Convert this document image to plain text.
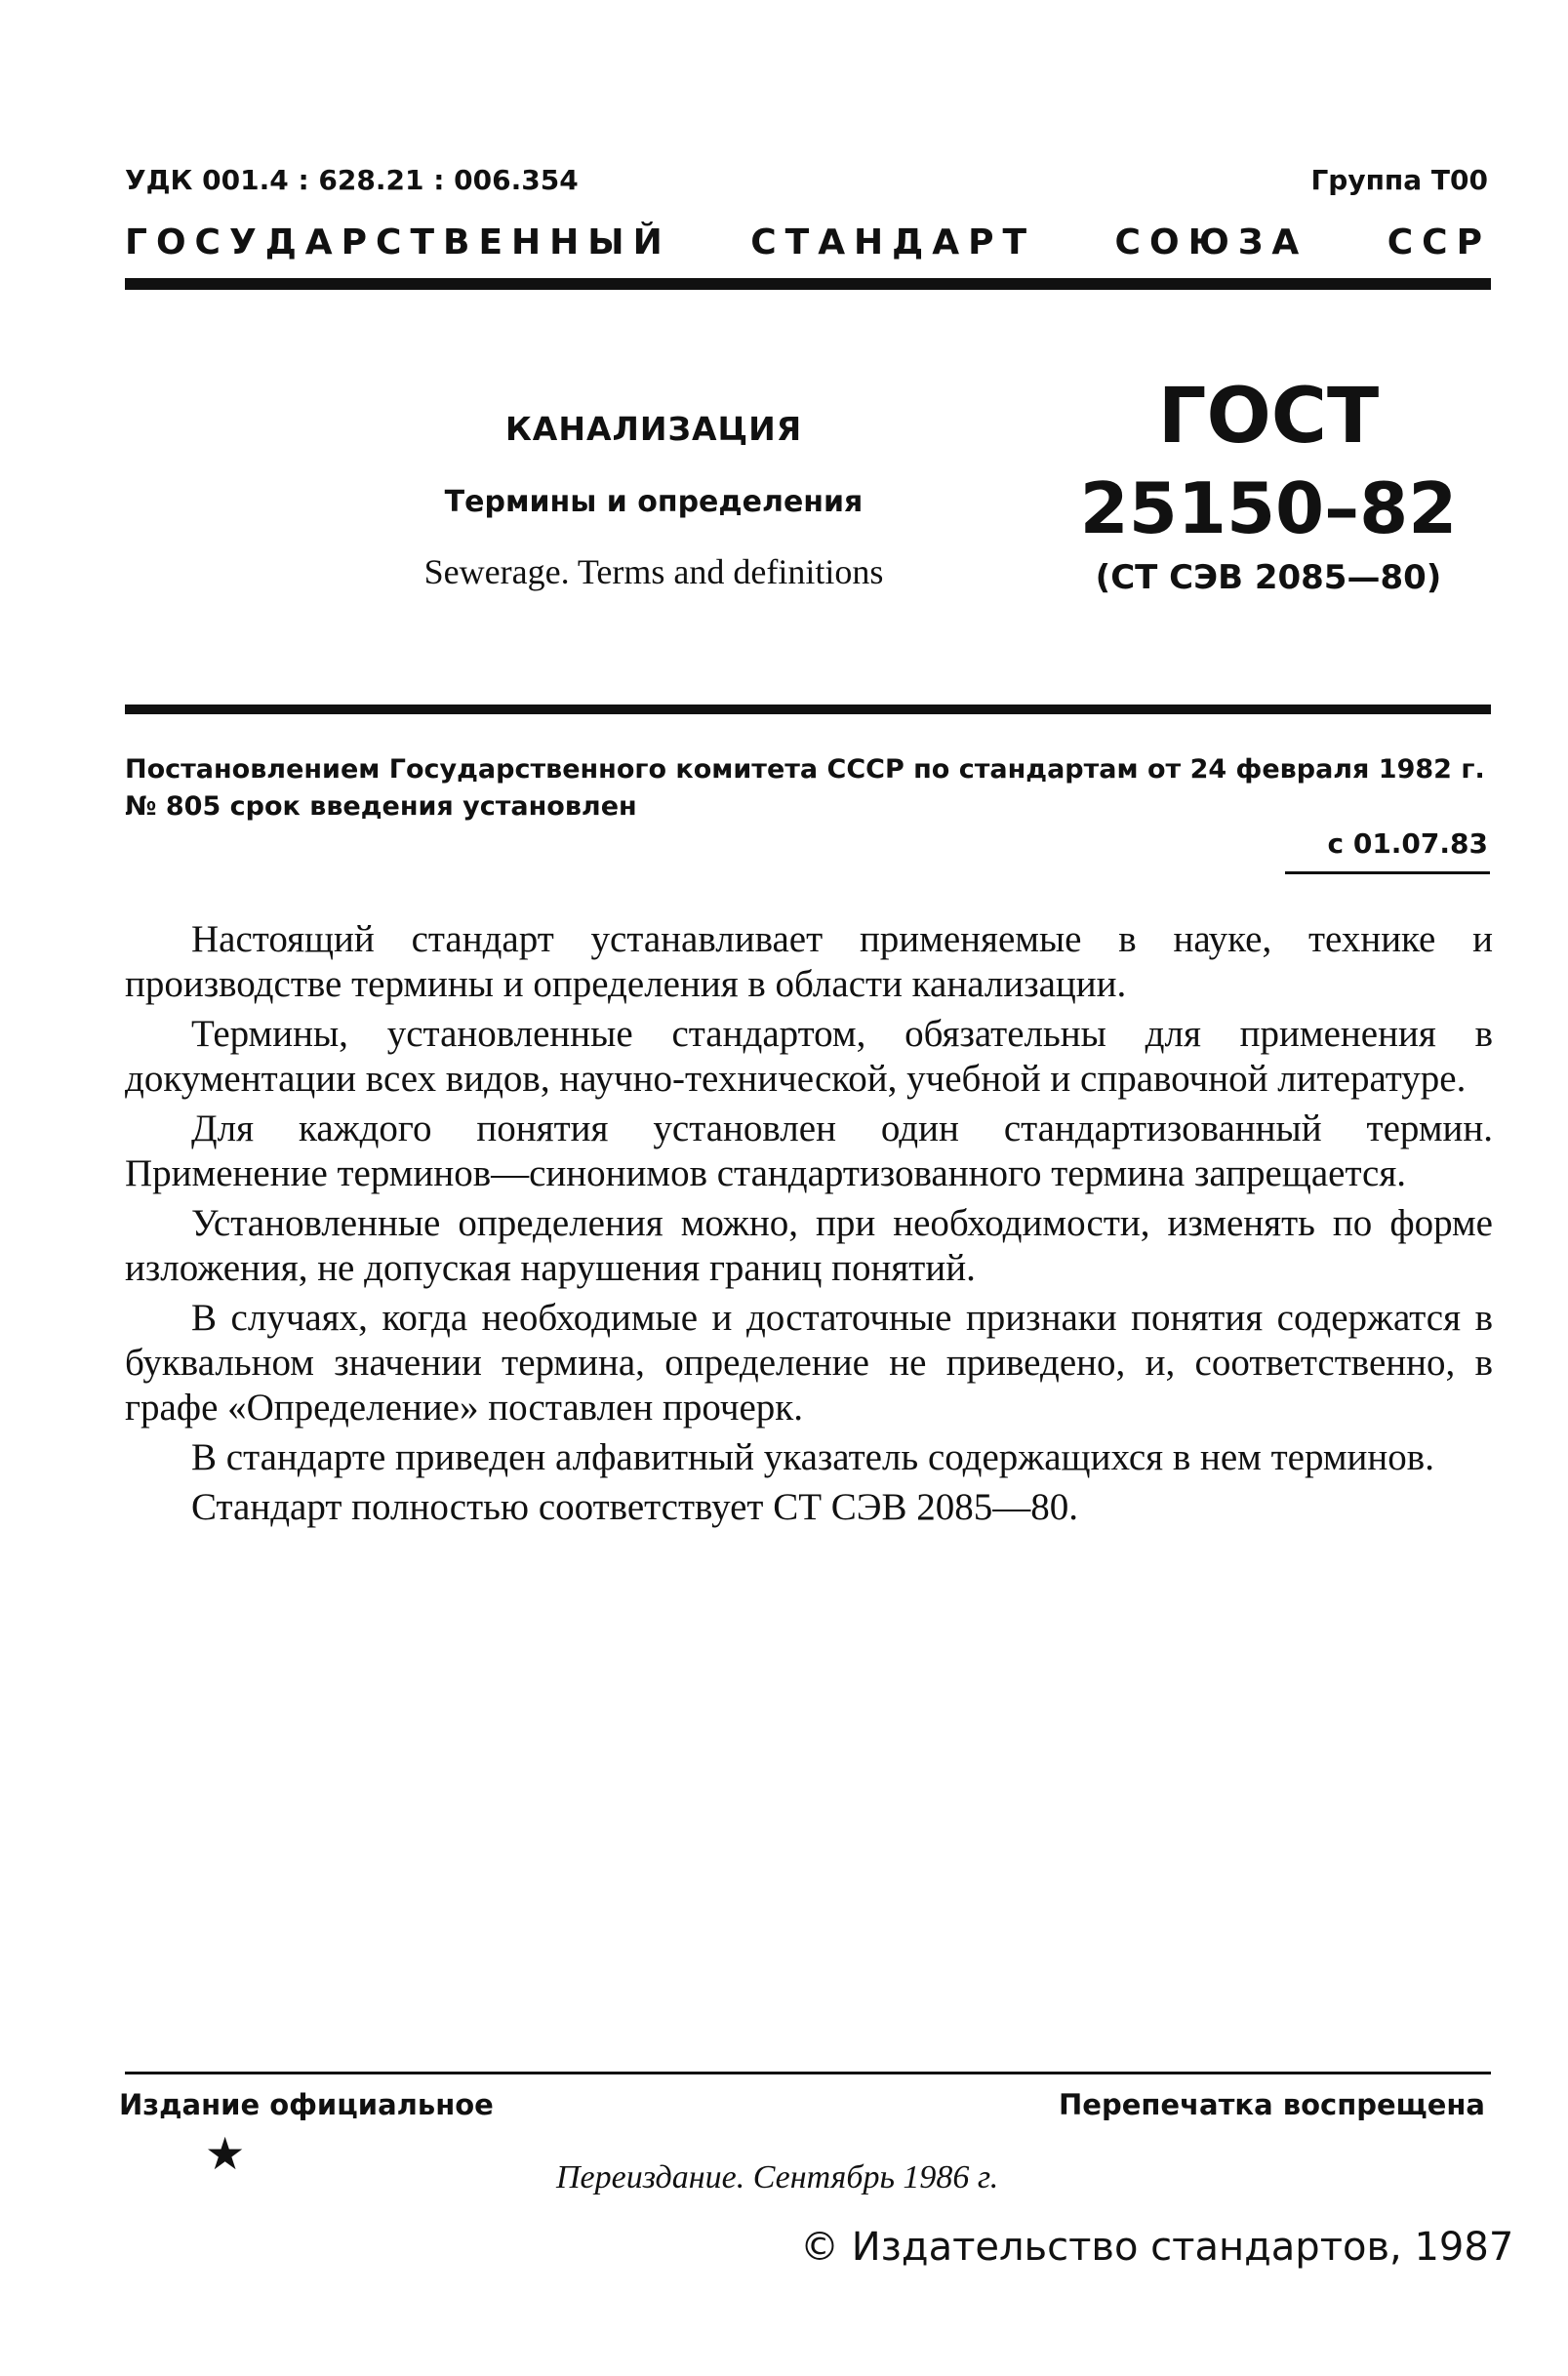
УДК 001.4 : 628.21 : 006.354	Группа Т00
ГОСУДАРСТВЕННЫЙ СТАНДАРТ СОЮЗА ССР
КАНАЛИЗАЦИЯ
Термины и определения
Sewerage. Terms and definitions
ГОСТ
25150–82
(СТ СЭВ 2085—80)
Постановлением Государственного комитета СССР по стандартам от 24 февраля 1982 г. № 805 срок введения установлен
с 01.07.83

Настоящий стандарт устанавливает применяемые в науке, технике и производстве термины и определения в области канализации.

Термины, установленные стандартом, обязательны для применения в документации всех видов, научно-технической, учебной и справочной литературе.

Для каждого понятия установлен один стандартизованный термин. Применение терминов—синонимов стандартизованного термина запрещается.

Установленные определения можно, при необходимости, изменять по форме изложения, не допуская нарушения границ понятий.

В случаях, когда необходимые и достаточные признаки понятия содержатся в буквальном значении термина, определение не приведено, и, соответственно, в графе «Определение» поставлен прочерк.

В стандарте приведен алфавитный указатель содержащихся в нем терминов.

Стандарт полностью соответствует СТ СЭВ 2085—80.

Издание официальное	Перепечатка воспрещена
★	Переиздание. Сентябрь 1986 г.
© Издательство стандартов, 1987
